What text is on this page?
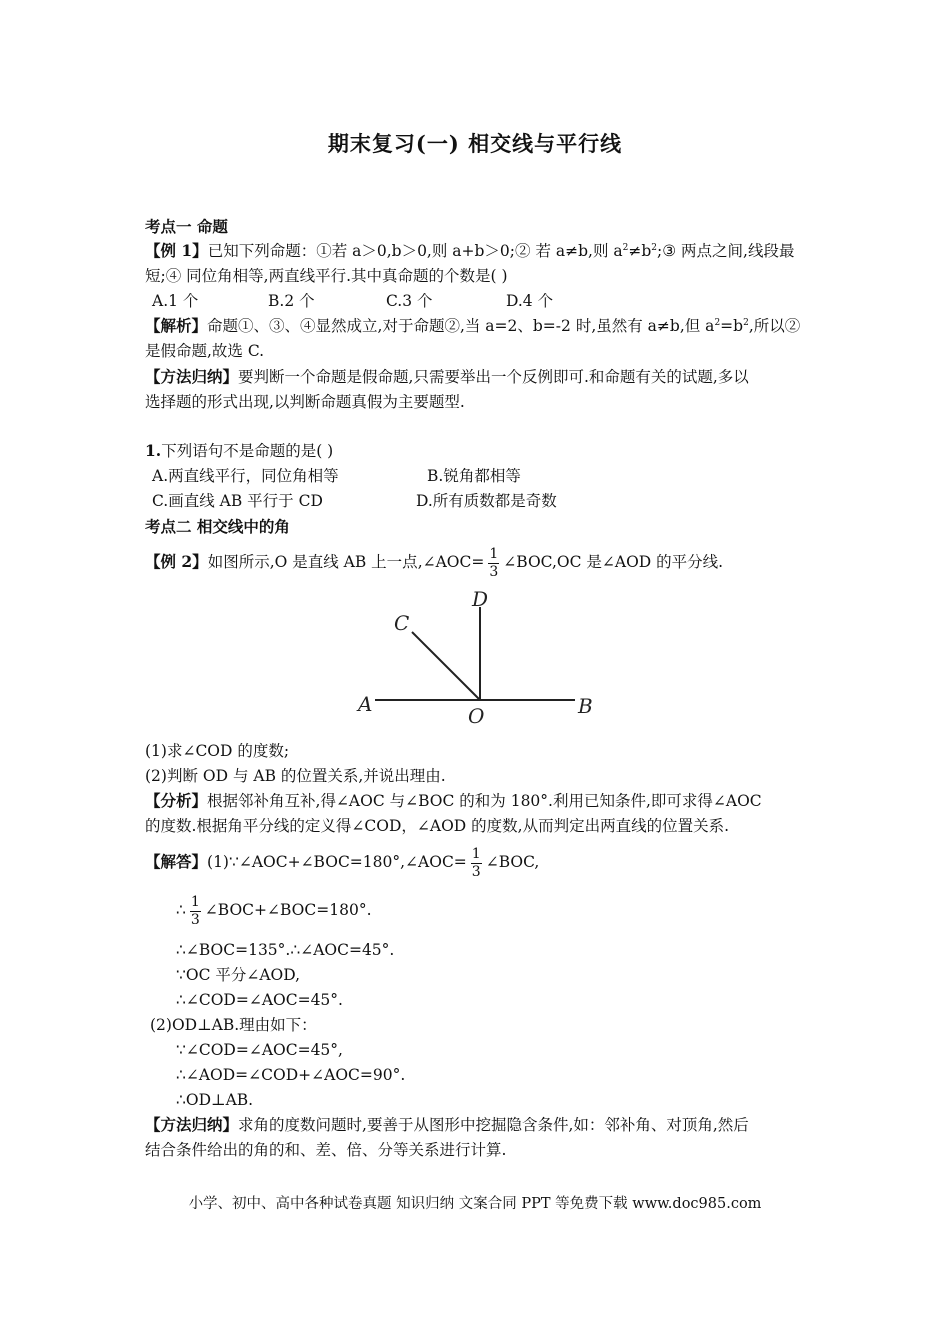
期末复习(一) 相交线与平行线
考点一 命题
【例 1】已知下列命题：①若 a＞0,b＞0,则 a+b＞0;② 若 a≠b,则 $a^2\ne b^2;③$ 两点之间,线段最
短;④ 同位角相等,两直线平行.其中真命题的个数是( )
A.1 个	B.2 个	C.3 个	D.4 个
【解析】命题①、③、④显然成立,对于命题②,当 a=2、b=-2 时,虽然有 a≠b,但 $a^2=b^2$,所以②
是假命题,故选 C.
【方法归纳】要判断一个命题是假命题,只需要举出一个反例即可.和命题有关的试题,多以
选择题的形式出现,以判断命题真假为主要题型.
1.下列语句不是命题的是( )
A.两直线平行，同位角相等	B.锐角都相等
C.画直线 AB 平行于 CD	D.所有质数都是奇数
考点二 相交线中的角
【例 2】如图所示,O 是直线 AB 上一点,∠AOC= $\frac{1}{3}$ ∠BOC,OC 是∠AOD 的平分线.
A	B
C
D
O
(1)求∠COD 的度数;
(2)判断 OD 与 AB 的位置关系,并说出理由.
【分析】根据邻补角互补,得∠AOC 与∠BOC 的和为 180°.利用已知条件,即可求得∠AOC
的度数.根据角平分线的定义得∠COD，∠AOD 的度数,从而判定出两直线的位置关系.
【解答】(1)∵∠AOC+∠BOC=180°,∠AOC= $\frac{1}{3}$ ∠BOC,
∴ $\frac{1}{3}$ ∠BOC+∠BOC=180°.
∴∠BOC=135°.∴∠AOC=45°.
∵OC 平分∠AOD,
∴∠COD=∠AOC=45°.
(2)OD⊥AB.理由如下：
∵∠COD=∠AOC=45°,
∴∠AOD=∠COD+∠AOC=90°.
∴OD⊥AB.
【方法归纳】求角的度数问题时,要善于从图形中挖掘隐含条件,如：邻补角、对顶角,然后
结合条件给出的角的和、差、倍、分等关系进行计算.
小学、初中、高中各种试卷真题 知识归纳 文案合同 PPT 等免费下载 www.doc985.com
